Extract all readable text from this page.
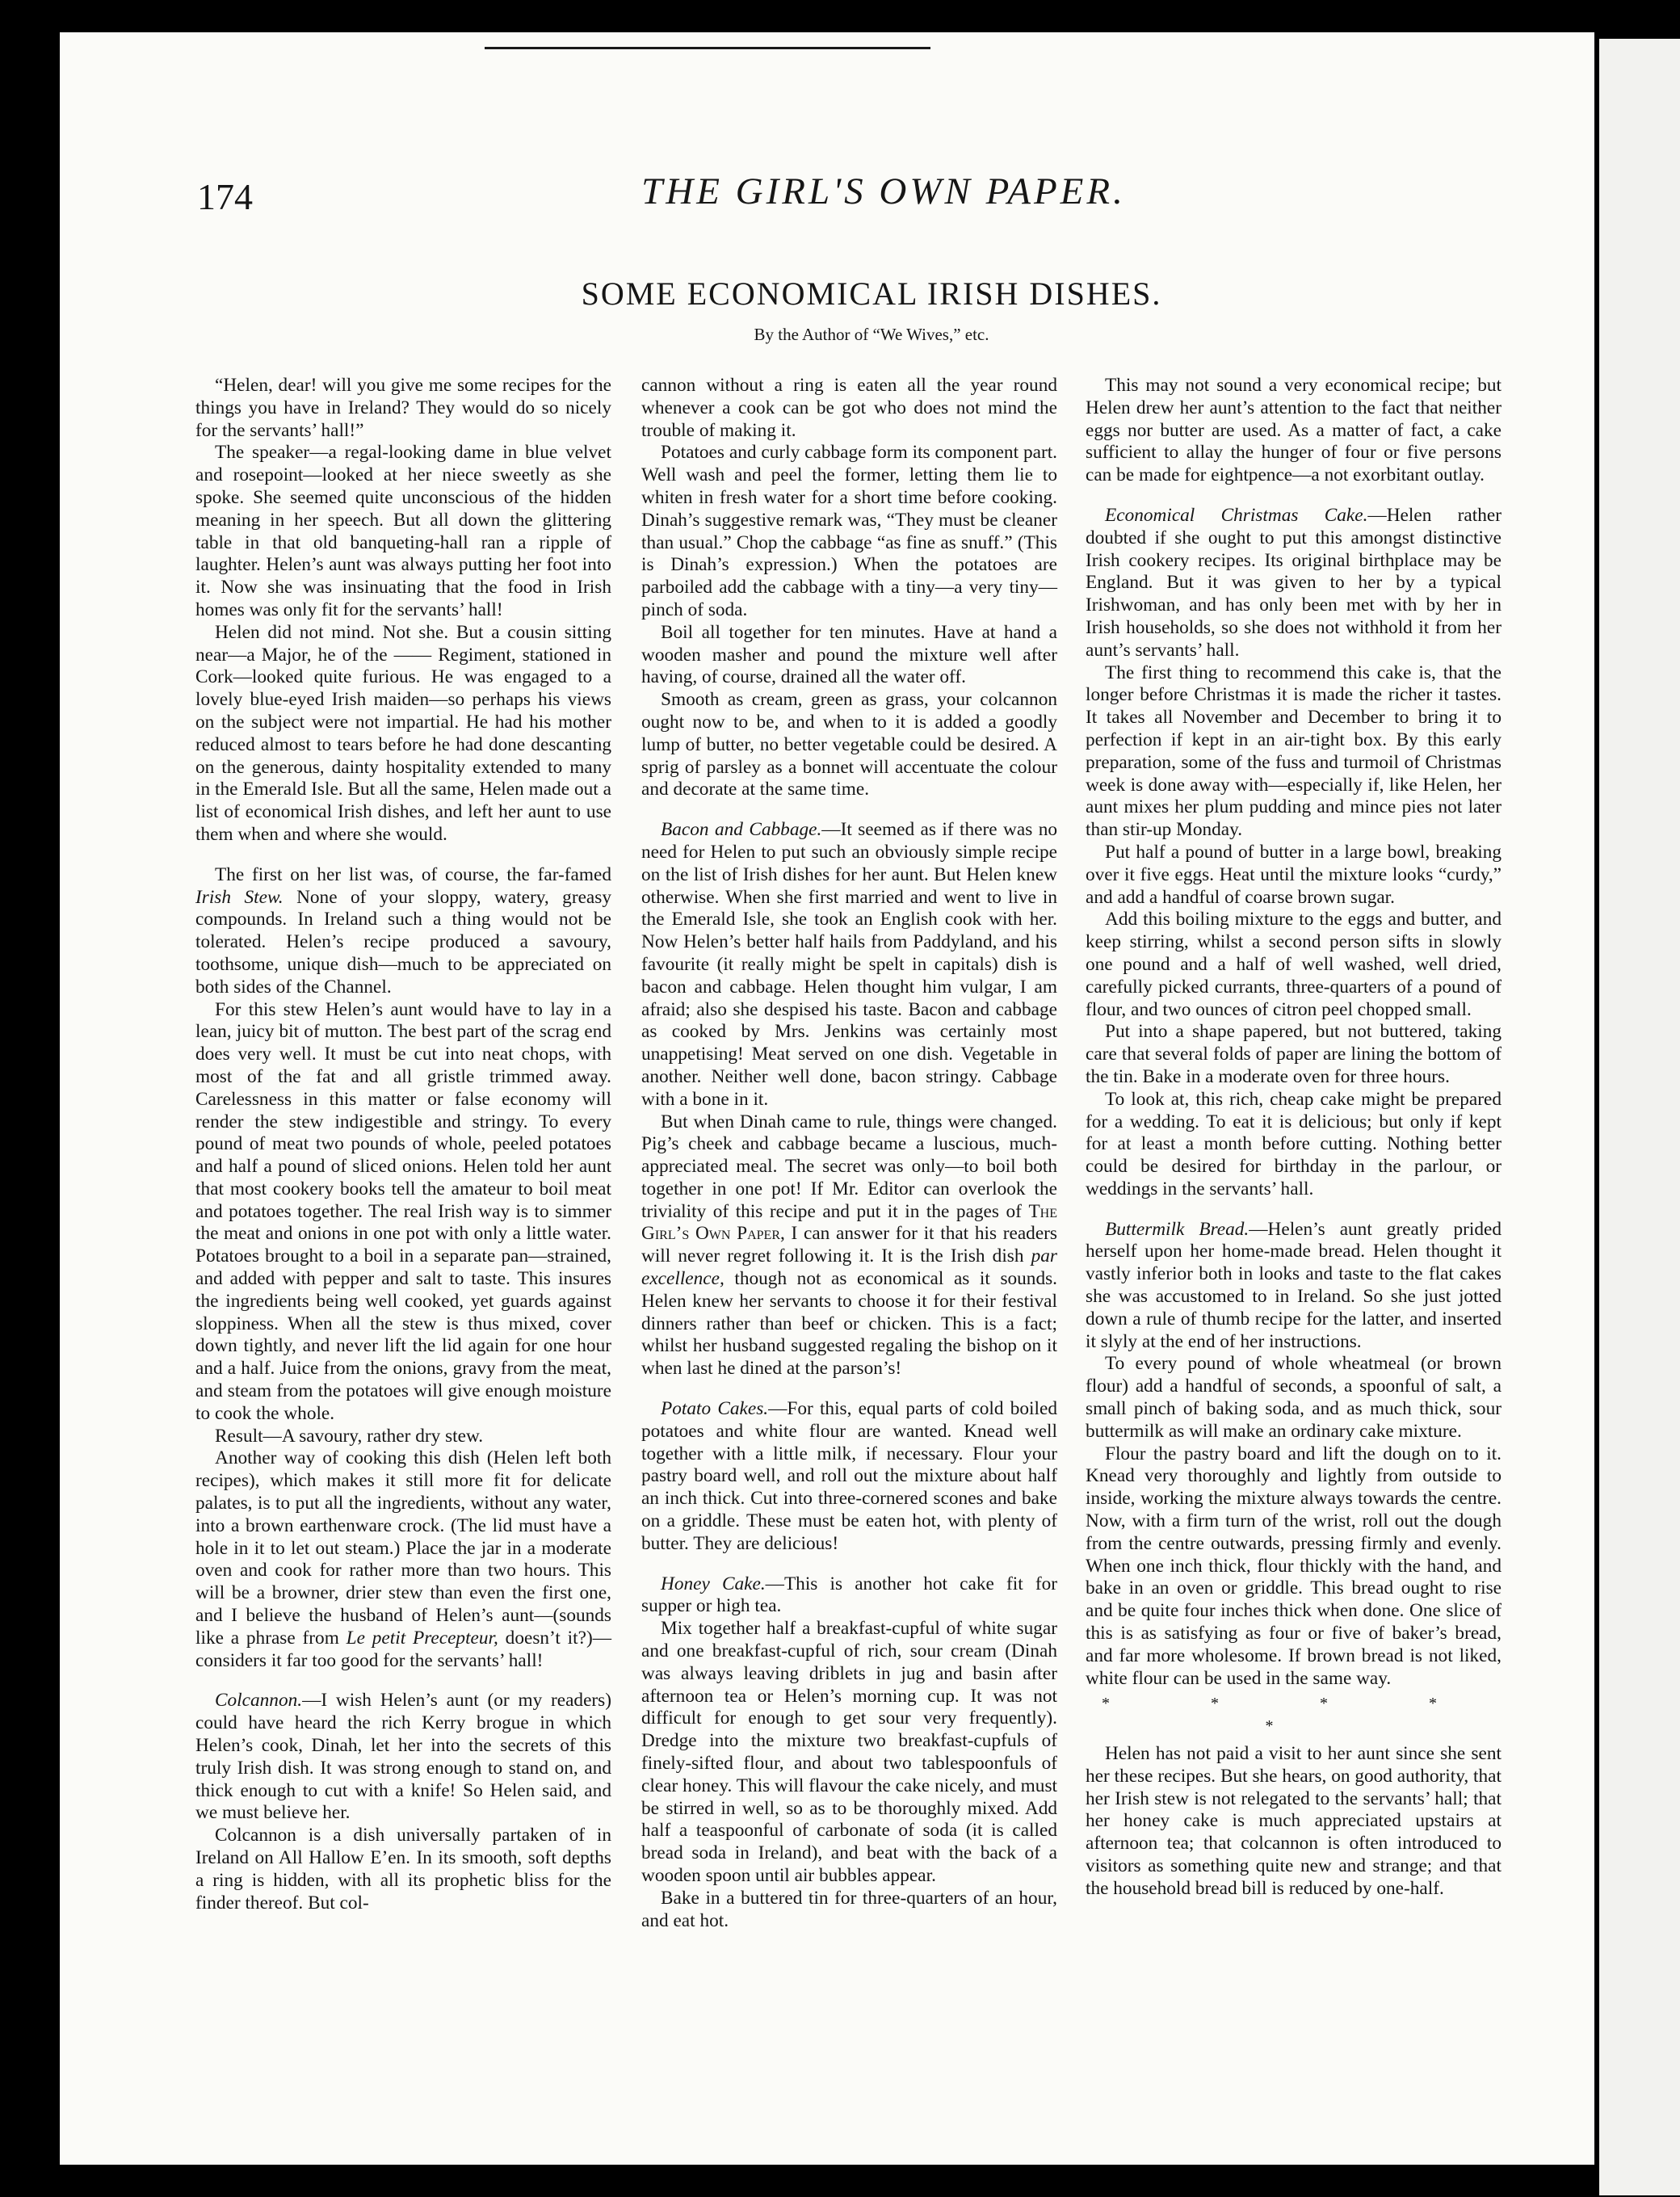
174	THE GIRL'S OWN PAPER.
SOME ECONOMICAL IRISH DISHES.
By the Author of “We Wives,” etc.

“Helen, dear! will you give me some recipes for the things you have in Ireland? They would do so nicely for the servants’ hall!”

The speaker—a regal-looking dame in blue velvet and rosepoint—looked at her niece sweetly as she spoke. She seemed quite unconscious of the hidden meaning in her speech. But all down the glittering table in that old banqueting-hall ran a ripple of laughter. Helen’s aunt was always putting her foot into it. Now she was insinuating that the food in Irish homes was only fit for the servants’ hall!

Helen did not mind. Not she. But a cousin sitting near—a Major, he of the —— Regiment, stationed in Cork—looked quite furious. He was engaged to a lovely blue-eyed Irish maiden—so perhaps his views on the subject were not impartial. He had his mother reduced almost to tears before he had done descanting on the generous, dainty hospitality extended to many in the Emerald Isle. But all the same, Helen made out a list of economical Irish dishes, and left her aunt to use them when and where she would.

The first on her list was, of course, the far-famed Irish Stew. None of your sloppy, watery, greasy compounds. In Ireland such a thing would not be tolerated. Helen’s recipe produced a savoury, toothsome, unique dish—much to be appreciated on both sides of the Channel.

For this stew Helen’s aunt would have to lay in a lean, juicy bit of mutton. The best part of the scrag end does very well. It must be cut into neat chops, with most of the fat and all gristle trimmed away. Carelessness in this matter or false economy will render the stew indigestible and stringy. To every pound of meat two pounds of whole, peeled potatoes and half a pound of sliced onions. Helen told her aunt that most cookery books tell the amateur to boil meat and potatoes together. The real Irish way is to simmer the meat and onions in one pot with only a little water. Potatoes brought to a boil in a separate pan—strained, and added with pepper and salt to taste. This insures the ingredients being well cooked, yet guards against sloppiness. When all the stew is thus mixed, cover down tightly, and never lift the lid again for one hour and a half. Juice from the onions, gravy from the meat, and steam from the potatoes will give enough moisture to cook the whole.

Result—A savoury, rather dry stew.

Another way of cooking this dish (Helen left both recipes), which makes it still more fit for delicate palates, is to put all the ingredients, without any water, into a brown earthenware crock. (The lid must have a hole in it to let out steam.) Place the jar in a moderate oven and cook for rather more than two hours. This will be a browner, drier stew than even the first one, and I believe the husband of Helen’s aunt—(sounds like a phrase from Le petit Precepteur, doesn’t it?)—considers it far too good for the servants’ hall!

Colcannon.—I wish Helen’s aunt (or my readers) could have heard the rich Kerry brogue in which Helen’s cook, Dinah, let her into the secrets of this truly Irish dish. It was strong enough to stand on, and thick enough to cut with a knife! So Helen said, and we must believe her.

Colcannon is a dish universally partaken of in Ireland on All Hallow E’en. In its smooth, soft depths a ring is hidden, with all its prophetic bliss for the finder thereof. But col-

cannon without a ring is eaten all the year round whenever a cook can be got who does not mind the trouble of making it.

Potatoes and curly cabbage form its component part. Well wash and peel the former, letting them lie to whiten in fresh water for a short time before cooking. Dinah’s suggestive remark was, “They must be cleaner than usual.” Chop the cabbage “as fine as snuff.” (This is Dinah’s expression.) When the potatoes are parboiled add the cabbage with a tiny—a very tiny—pinch of soda.

Boil all together for ten minutes. Have at hand a wooden masher and pound the mixture well after having, of course, drained all the water off.

Smooth as cream, green as grass, your colcannon ought now to be, and when to it is added a goodly lump of butter, no better vegetable could be desired. A sprig of parsley as a bonnet will accentuate the colour and decorate at the same time.

Bacon and Cabbage.—It seemed as if there was no need for Helen to put such an obviously simple recipe on the list of Irish dishes for her aunt. But Helen knew otherwise. When she first married and went to live in the Emerald Isle, she took an English cook with her. Now Helen’s better half hails from Paddyland, and his favourite (it really might be spelt in capitals) dish is bacon and cabbage. Helen thought him vulgar, I am afraid; also she despised his taste. Bacon and cabbage as cooked by Mrs. Jenkins was certainly most unappetising! Meat served on one dish. Vegetable in another. Neither well done, bacon stringy. Cabbage with a bone in it.

But when Dinah came to rule, things were changed. Pig’s cheek and cabbage became a luscious, much-appreciated meal. The secret was only—to boil both together in one pot! If Mr. Editor can overlook the triviality of this recipe and put it in the pages of The Girl’s Own Paper, I can answer for it that his readers will never regret following it. It is the Irish dish par excellence, though not as economical as it sounds. Helen knew her servants to choose it for their festival dinners rather than beef or chicken. This is a fact; whilst her husband suggested regaling the bishop on it when last he dined at the parson’s!

Potato Cakes.—For this, equal parts of cold boiled potatoes and white flour are wanted. Knead well together with a little milk, if necessary. Flour your pastry board well, and roll out the mixture about half an inch thick. Cut into three-cornered scones and bake on a griddle. These must be eaten hot, with plenty of butter. They are delicious!

Honey Cake.—This is another hot cake fit for supper or high tea.

Mix together half a breakfast-cupful of white sugar and one breakfast-cupful of rich, sour cream (Dinah was always leaving driblets in jug and basin after afternoon tea or Helen’s morning cup. It was not difficult for enough to get sour very frequently). Dredge into the mixture two breakfast-cupfuls of finely-sifted flour, and about two tablespoonfuls of clear honey. This will flavour the cake nicely, and must be stirred in well, so as to be thoroughly mixed. Add half a teaspoonful of carbonate of soda (it is called bread soda in Ireland), and beat with the back of a wooden spoon until air bubbles appear.

Bake in a buttered tin for three-quarters of an hour, and eat hot.

This may not sound a very economical recipe; but Helen drew her aunt’s attention to the fact that neither eggs nor butter are used. As a matter of fact, a cake sufficient to allay the hunger of four or five persons can be made for eightpence—a not exorbitant outlay.

Economical Christmas Cake.—Helen rather doubted if she ought to put this amongst distinctive Irish cookery recipes. Its original birthplace may be England. But it was given to her by a typical Irishwoman, and has only been met with by her in Irish households, so she does not withhold it from her aunt’s servants’ hall.

The first thing to recommend this cake is, that the longer before Christmas it is made the richer it tastes. It takes all November and December to bring it to perfection if kept in an air-tight box. By this early preparation, some of the fuss and turmoil of Christmas week is done away with—especially if, like Helen, her aunt mixes her plum pudding and mince pies not later than stir-up Monday.

Put half a pound of butter in a large bowl, breaking over it five eggs. Heat until the mixture looks “curdy,” and add a handful of coarse brown sugar.

Add this boiling mixture to the eggs and butter, and keep stirring, whilst a second person sifts in slowly one pound and a half of well washed, well dried, carefully picked currants, three-quarters of a pound of flour, and two ounces of citron peel chopped small.

Put into a shape papered, but not buttered, taking care that several folds of paper are lining the bottom of the tin. Bake in a moderate oven for three hours.

To look at, this rich, cheap cake might be prepared for a wedding. To eat it is delicious; but only if kept for at least a month before cutting. Nothing better could be desired for birthday in the parlour, or weddings in the servants’ hall.

Buttermilk Bread.—Helen’s aunt greatly prided herself upon her home-made bread. Helen thought it vastly inferior both in looks and taste to the flat cakes she was accustomed to in Ireland. So she just jotted down a rule of thumb recipe for the latter, and inserted it slyly at the end of her instructions.

To every pound of whole wheatmeal (or brown flour) add a handful of seconds, a spoonful of salt, a small pinch of baking soda, and as much thick, sour buttermilk as will make an ordinary cake mixture.

Flour the pastry board and lift the dough on to it. Knead very thoroughly and lightly from outside to inside, working the mixture always towards the centre. Now, with a firm turn of the wrist, roll out the dough from the centre outwards, pressing firmly and evenly. When one inch thick, flour thickly with the hand, and bake in an oven or griddle. This bread ought to rise and be quite four inches thick when done. One slice of this is as satisfying as four or five of baker’s bread, and far more wholesome. If brown bread is not liked, white flour can be used in the same way.

* * * * *

Helen has not paid a visit to her aunt since she sent her these recipes. But she hears, on good authority, that her Irish stew is not relegated to the servants’ hall; that her honey cake is much appreciated upstairs at afternoon tea; that colcannon is often introduced to visitors as something quite new and strange; and that the household bread bill is reduced by one-half.
